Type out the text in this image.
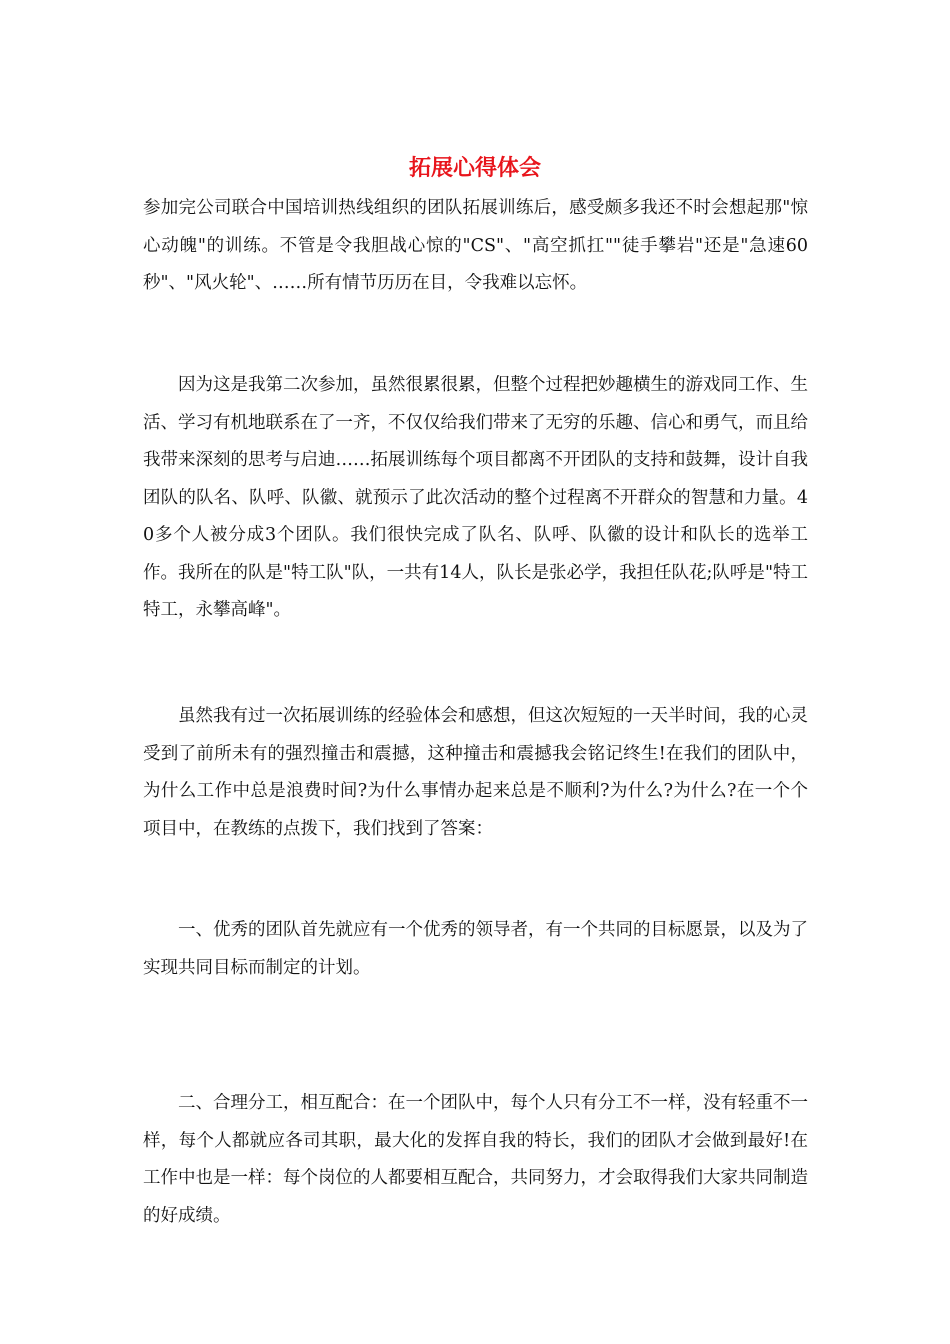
拓展心得体会

参加完公司联合中国培训热线组织的团队拓展训练后，感受颇多我还不时会想起那"惊心动魄"的训练。不管是令我胆战心惊的"CS"、"高空抓扛""徒手攀岩"还是"急速60秒"、"风火轮"、……所有情节历历在目，令我难以忘怀。

因为这是我第二次参加，虽然很累很累，但整个过程把妙趣横生的游戏同工作、生活、学习有机地联系在了一齐，不仅仅给我们带来了无穷的乐趣、信心和勇气，而且给我带来深刻的思考与启迪……拓展训练每个项目都离不开团队的支持和鼓舞，设计自我团队的队名、队呼、队徽、就预示了此次活动的整个过程离不开群众的智慧和力量。40多个人被分成3个团队。我们很快完成了队名、队呼、队徽的设计和队长的选举工作。我所在的队是"特工队"队，一共有14人，队长是张必学，我担任队花;队呼是"特工特工，永攀高峰"。

虽然我有过一次拓展训练的经验体会和感想，但这次短短的一天半时间，我的心灵受到了前所未有的强烈撞击和震撼，这种撞击和震撼我会铭记终生!在我们的团队中，为什么工作中总是浪费时间?为什么事情办起来总是不顺利?为什么?为什么?在一个个项目中，在教练的点拨下，我们找到了答案：

一、优秀的团队首先就应有一个优秀的领导者，有一个共同的目标愿景，以及为了实现共同目标而制定的计划。

二、合理分工，相互配合：在一个团队中，每个人只有分工不一样，没有轻重不一样，每个人都就应各司其职，最大化的发挥自我的特长，我们的团队才会做到最好!在工作中也是一样：每个岗位的人都要相互配合，共同努力，才会取得我们大家共同制造的好成绩。
